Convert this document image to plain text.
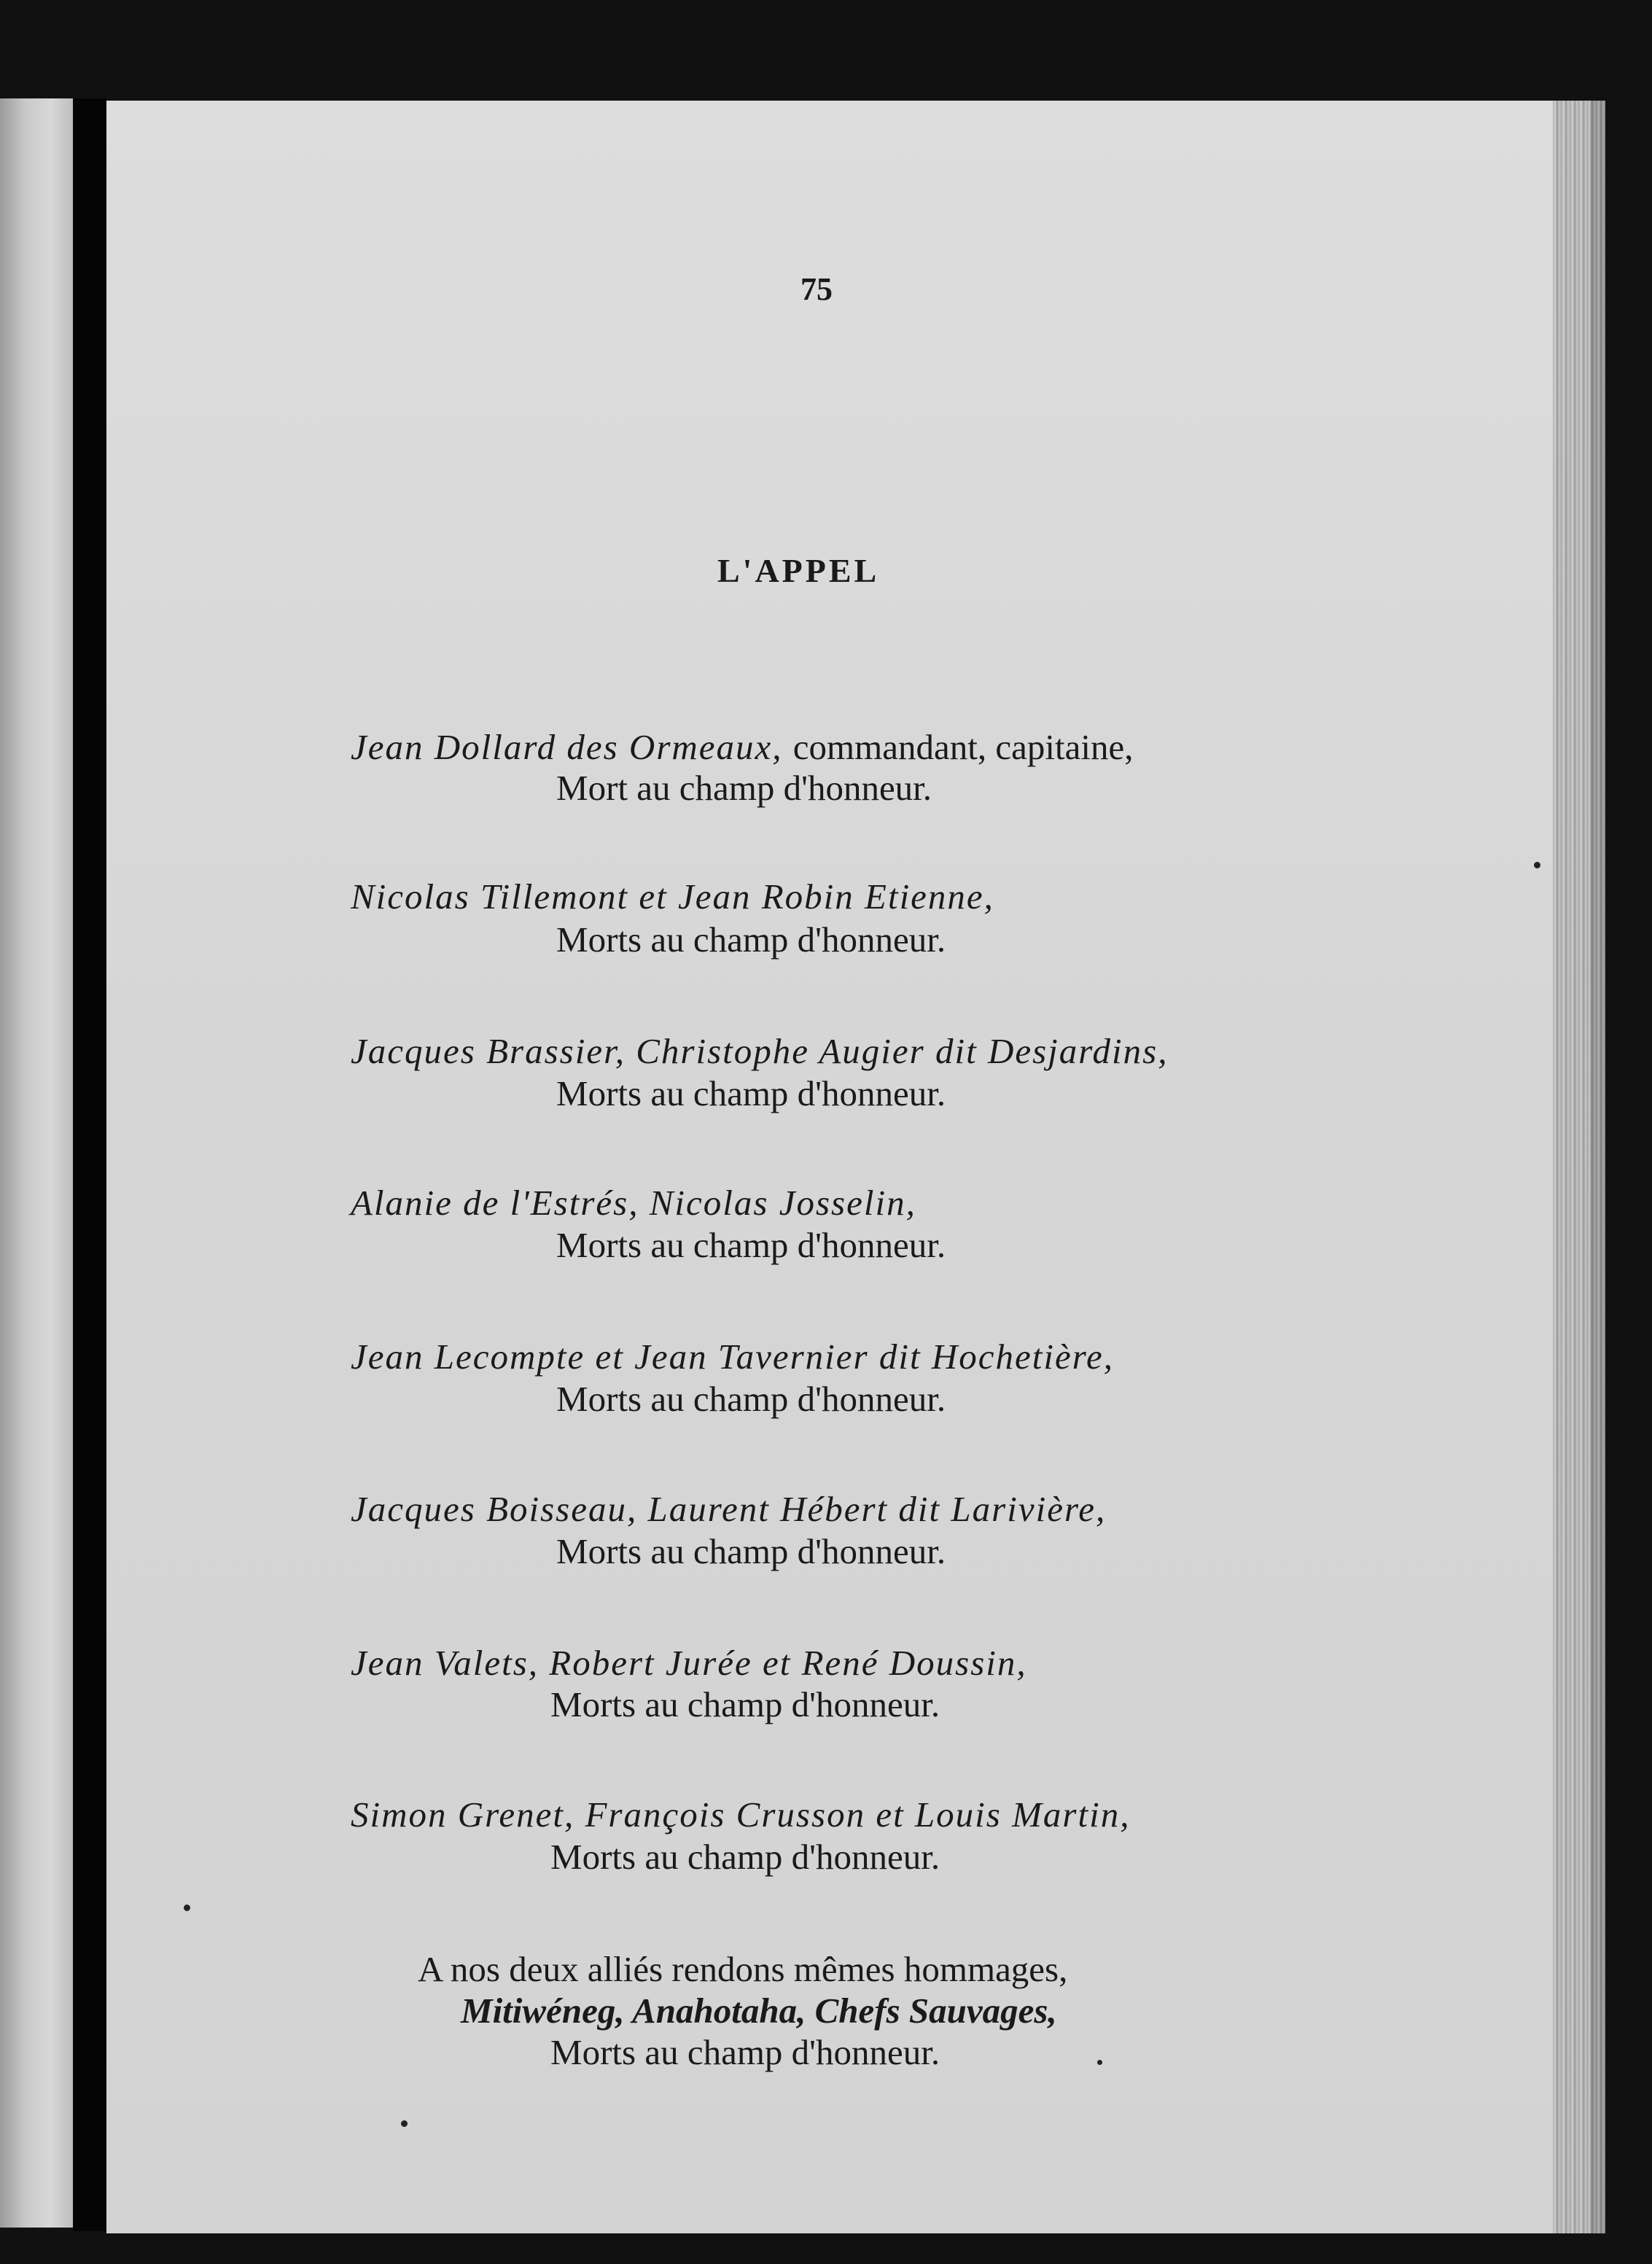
75
L'APPEL
Jean Dollard des Ormeaux, commandant, capitaine,
Mort au champ d'honneur.
Nicolas Tillemont et Jean Robin Etienne,
Morts au champ d'honneur.
Jacques Brassier, Christophe Augier dit Desjardins,
Morts au champ d'honneur.
Alanie de l'Estrés, Nicolas Josselin,
Morts au champ d'honneur.
Jean Lecompte et Jean Tavernier dit Hochetière,
Morts au champ d'honneur.
Jacques Boisseau, Laurent Hébert dit Larivière,
Morts au champ d'honneur.
Jean Valets, Robert Jurée et René Doussin,
Morts au champ d'honneur.
Simon Grenet, François Crusson et Louis Martin,
Morts au champ d'honneur.
A nos deux alliés rendons mêmes hommages,
Mitiwéneg, Anahotaha, Chefs Sauvages,
Morts au champ d'honneur.
